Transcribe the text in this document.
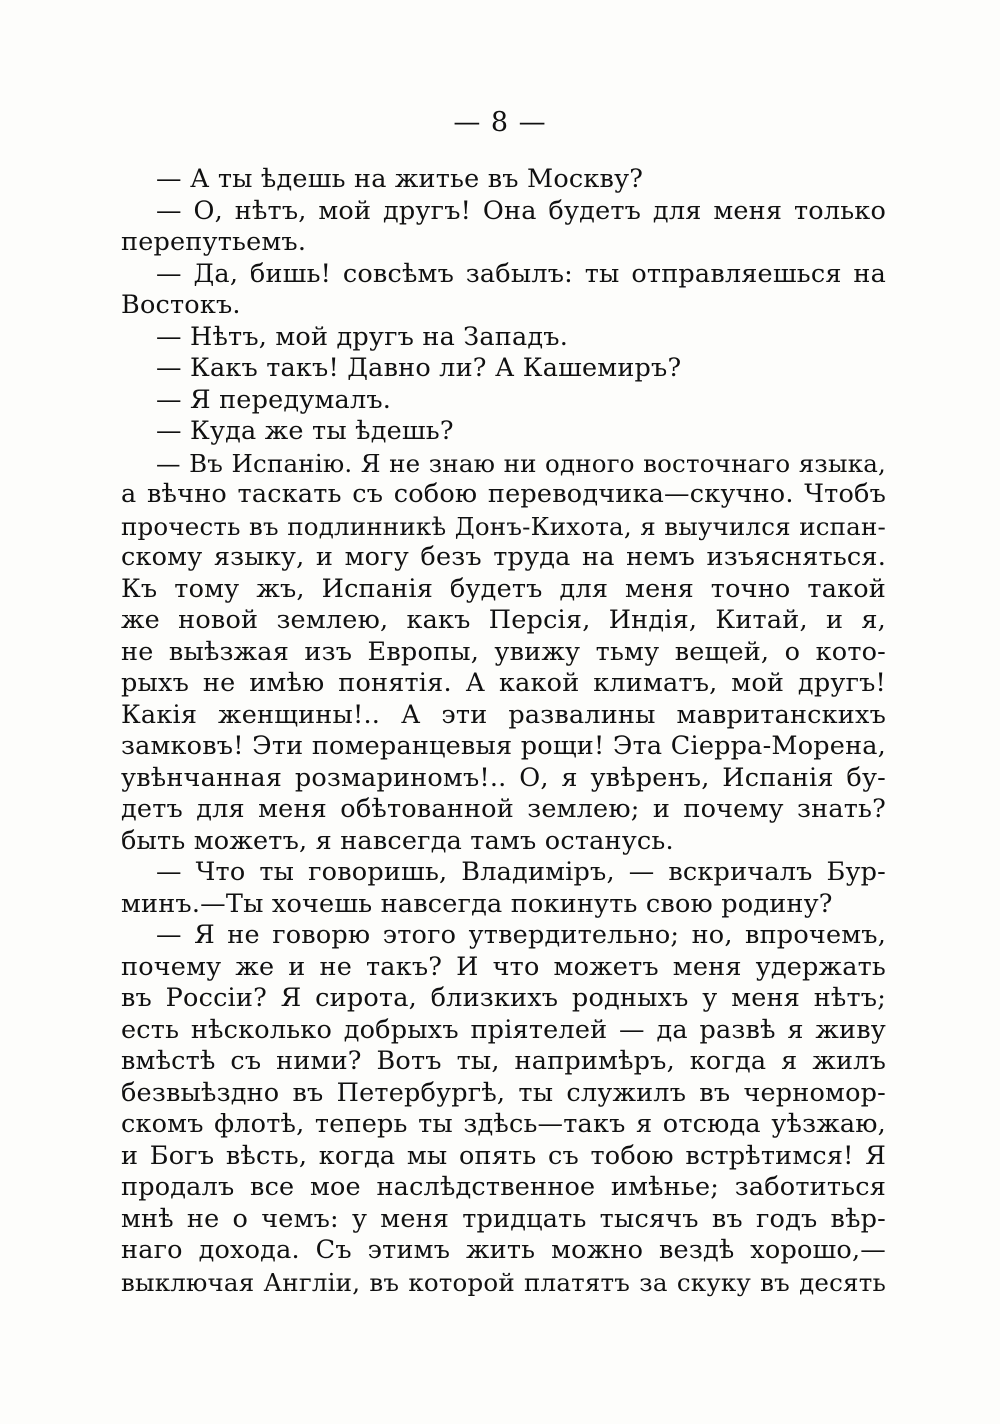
— 8 —
— А ты ѣдешь на житье въ Москву?
— О, нѣтъ, мой другъ! Она будетъ для меня только
перепутьемъ.
— Да, бишь! совсѣмъ забылъ: ты отправляешься на
Востокъ.
— Нѣтъ, мой другъ на Западъ.
— Какъ такъ! Давно ли? А Кашемиръ?
— Я передумалъ.
— Куда же ты ѣдешь?
— Въ Испанію. Я не знаю ни одного восточнаго языка,
а вѣчно таскать съ собою переводчика—скучно. Чтобъ
прочесть въ подлинникѣ Донъ-Кихота, я выучился испан-
скому языку, и могу безъ труда на немъ изъясняться.
Къ тому жъ, Испанія будетъ для меня точно такой
же новой землею, какъ Персія, Индія, Китай, и я,
не выѣзжая изъ Европы, увижу тьму вещей, о кото-
рыхъ не имѣю понятія. А какой климатъ, мой другъ!
Какія женщины!.. А эти развалины мавританскихъ
замковъ! Эти померанцевыя рощи! Эта Сіерра-Морена,
увѣнчанная розмариномъ!.. О, я увѣренъ, Испанія бу-
детъ для меня обѣтованной землею; и почему знать?
быть можетъ, я навсегда тамъ останусь.
— Что ты говоришь, Владиміръ, — вскричалъ Бур-
минъ.—Ты хочешь навсегда покинуть свою родину?
— Я не говорю этого утвердительно; но, впрочемъ,
почему же и не такъ? И что можетъ меня удержать
въ Россіи? Я сирота, близкихъ родныхъ у меня нѣтъ;
есть нѣсколько добрыхъ пріятелей — да развѣ я живу
вмѣстѣ съ ними? Вотъ ты, напримѣръ, когда я жилъ
безвыѣздно въ Петербургѣ, ты служилъ въ черномор-
скомъ флотѣ, теперь ты здѣсь—такъ я отсюда уѣзжаю,
и Богъ вѣсть, когда мы опять съ тобою встрѣтимся! Я
продалъ все мое наслѣдственное имѣнье; заботиться
мнѣ не о чемъ: у меня тридцать тысячъ въ годъ вѣр-
наго дохода. Съ этимъ жить можно вездѣ хорошо,—
выключая Англіи, въ которой платятъ за скуку въ десять
